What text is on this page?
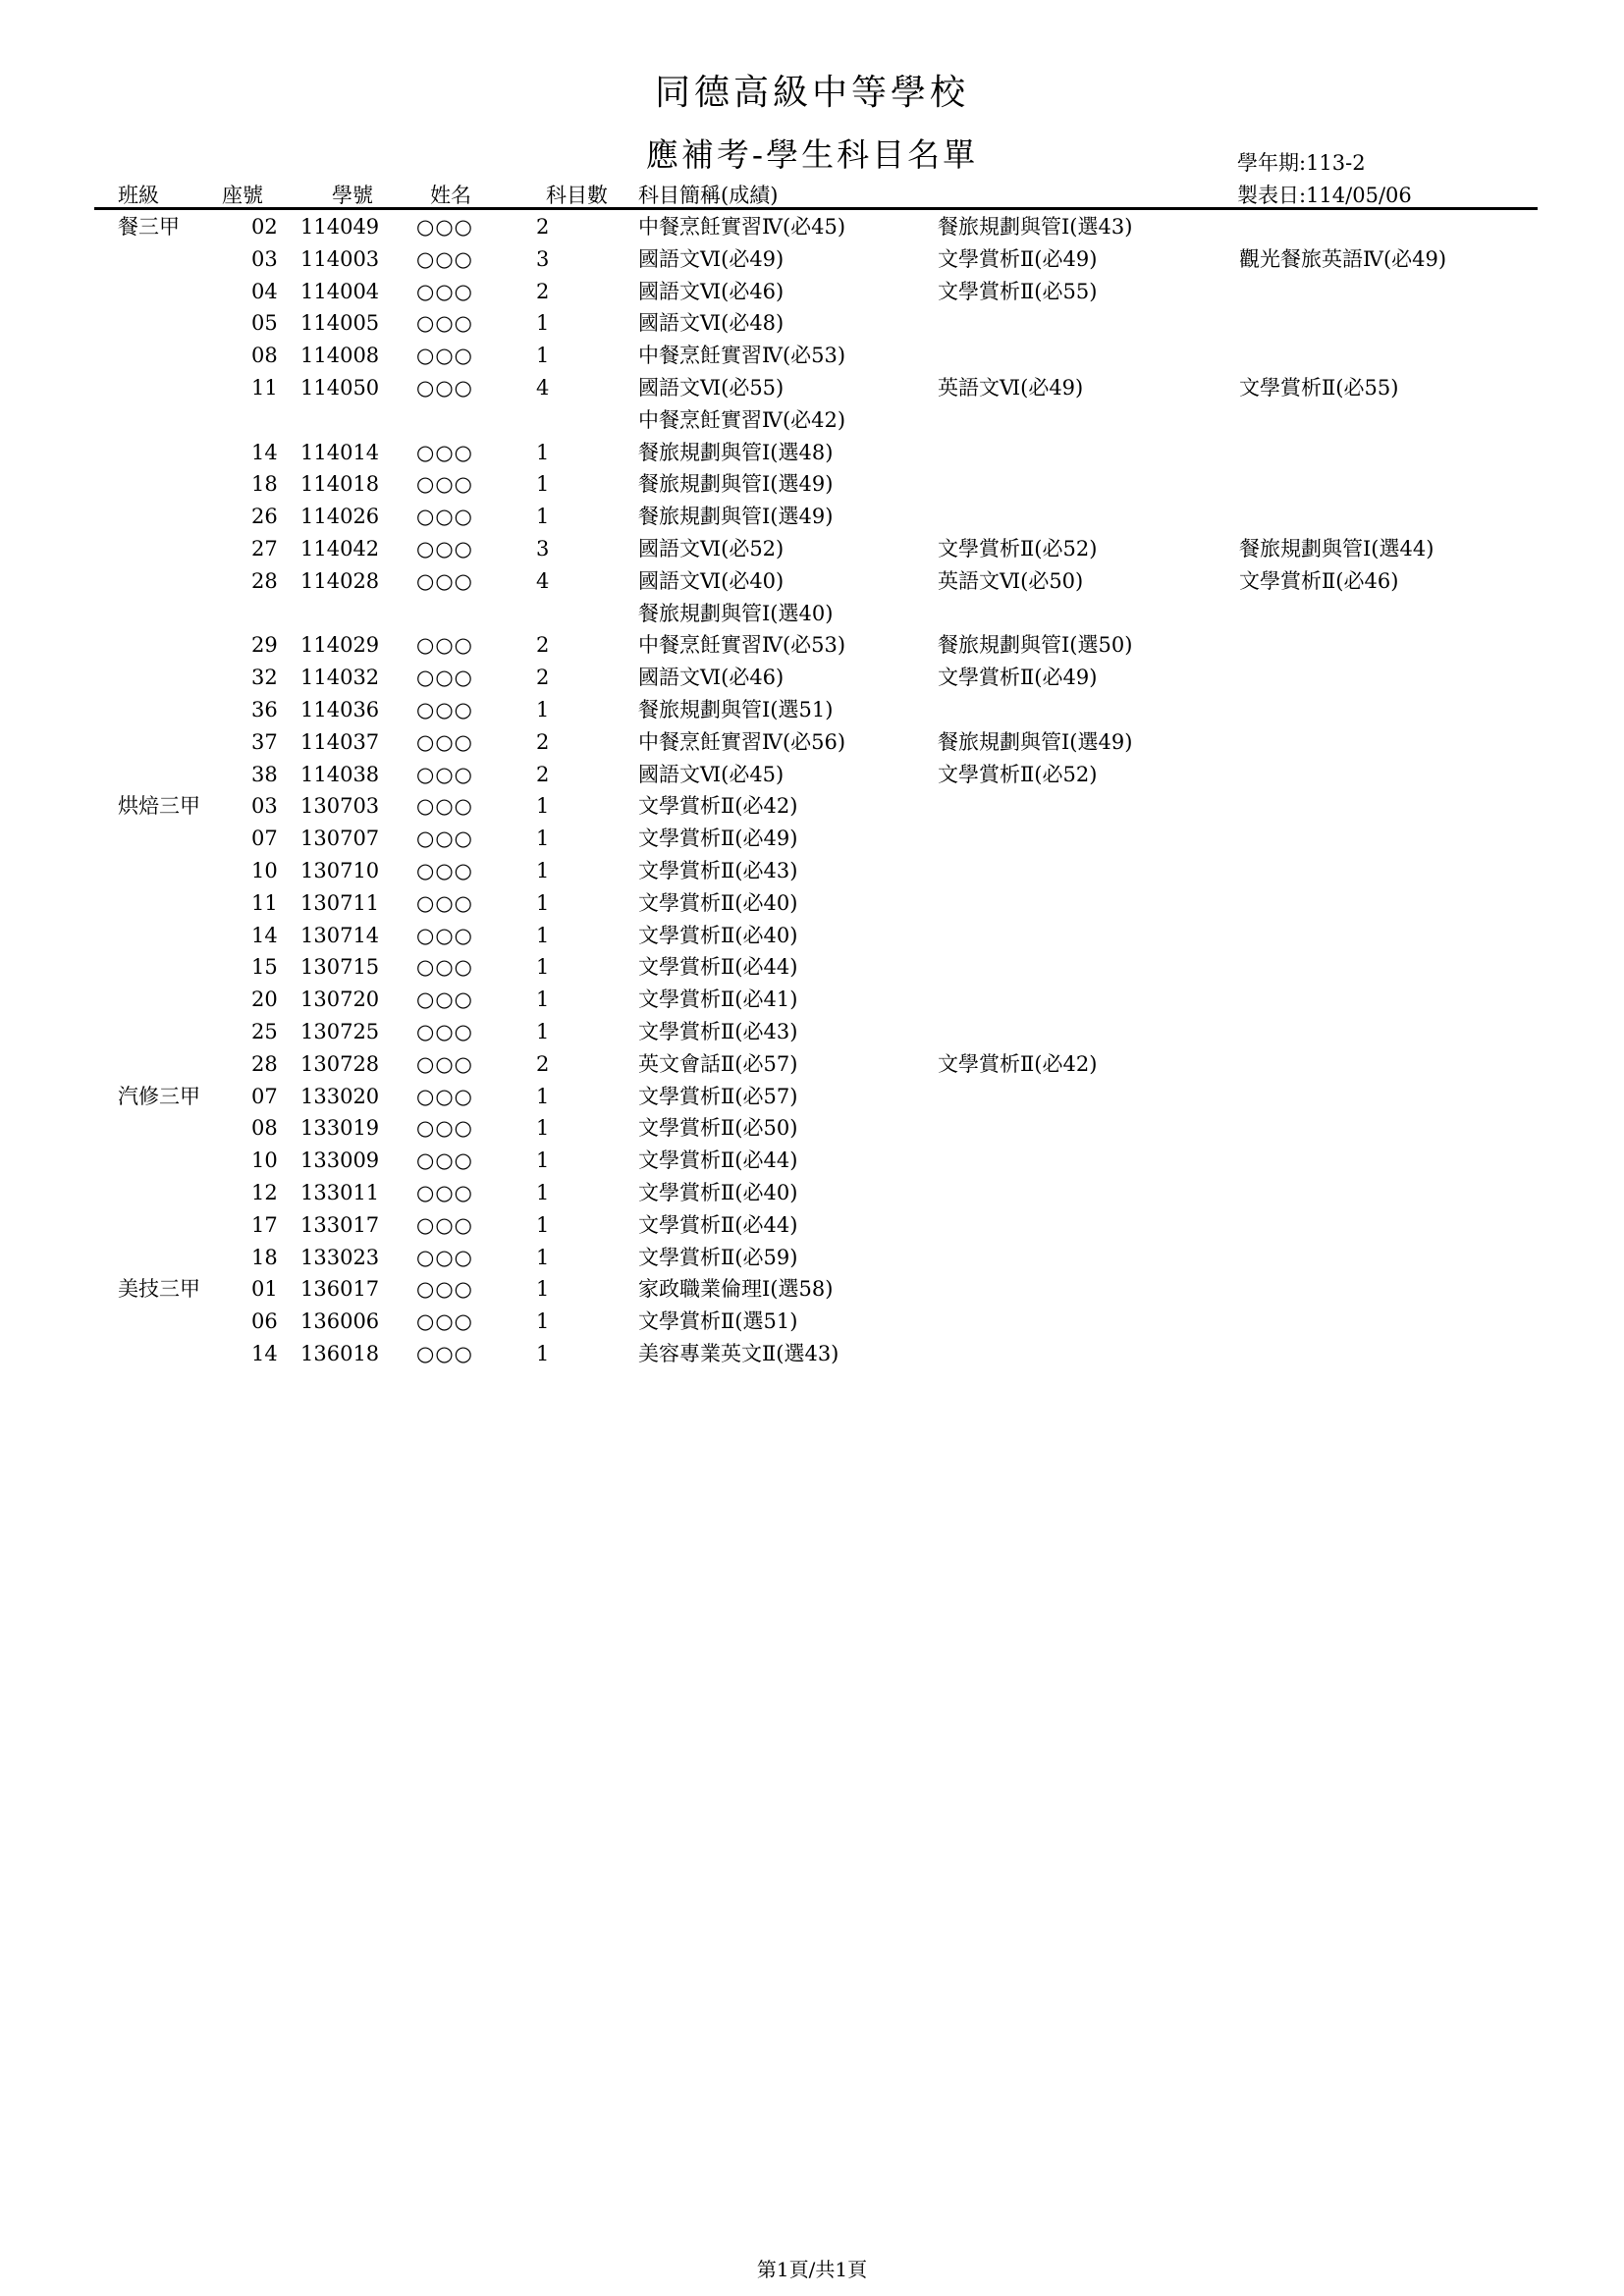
同德高級中等學校
應補考-學生科目名單	學年期:113-2
製表日:114/05/06
班級	座號	學號	姓名	科目數 科目簡稱(成績)
餐三甲	02 114049 ○○○	2	中餐烹飪實習Ⅳ(必45)	餐旅規劃與管Ⅰ(選43)
03 114003 ○○○	3	國語文Ⅵ(必49)	文學賞析Ⅱ(必49)	觀光餐旅英語Ⅳ(必49)
04 114004 ○○○	2	國語文Ⅵ(必46)	文學賞析Ⅱ(必55)
05 114005 ○○○	1	國語文Ⅵ(必48)
08 114008 ○○○	1	中餐烹飪實習Ⅳ(必53)
11 114050 ○○○	4	國語文Ⅵ(必55)	英語文Ⅵ(必49)	文學賞析Ⅱ(必55)
中餐烹飪實習Ⅳ(必42)
14 114014 ○○○	1	餐旅規劃與管Ⅰ(選48)
18 114018 ○○○	1	餐旅規劃與管Ⅰ(選49)
26 114026 ○○○	1	餐旅規劃與管Ⅰ(選49)
27 114042 ○○○	3	國語文Ⅵ(必52)	文學賞析Ⅱ(必52)	餐旅規劃與管Ⅰ(選44)
28 114028 ○○○	4	國語文Ⅵ(必40)	英語文Ⅵ(必50)	文學賞析Ⅱ(必46)
餐旅規劃與管Ⅰ(選40)
29 114029 ○○○	2	中餐烹飪實習Ⅳ(必53)	餐旅規劃與管Ⅰ(選50)
32 114032 ○○○	2	國語文Ⅵ(必46)	文學賞析Ⅱ(必49)
36 114036 ○○○	1	餐旅規劃與管Ⅰ(選51)
37 114037 ○○○	2	中餐烹飪實習Ⅳ(必56)	餐旅規劃與管Ⅰ(選49)
38 114038 ○○○	2	國語文Ⅵ(必45)	文學賞析Ⅱ(必52)
烘焙三甲 03 130703 ○○○	1	文學賞析Ⅱ(必42)
07 130707 ○○○	1	文學賞析Ⅱ(必49)
10 130710 ○○○	1	文學賞析Ⅱ(必43)
11 130711 ○○○	1	文學賞析Ⅱ(必40)
14 130714 ○○○	1	文學賞析Ⅱ(必40)
15 130715 ○○○	1	文學賞析Ⅱ(必44)
20 130720 ○○○	1	文學賞析Ⅱ(必41)
25 130725 ○○○	1	文學賞析Ⅱ(必43)
28 130728 ○○○	2	英文會話Ⅱ(必57)	文學賞析Ⅱ(必42)
汽修三甲 07 133020 ○○○	1	文學賞析Ⅱ(必57)
08 133019 ○○○	1	文學賞析Ⅱ(必50)
10 133009 ○○○	1	文學賞析Ⅱ(必44)
12 133011 ○○○	1	文學賞析Ⅱ(必40)
17 133017 ○○○	1	文學賞析Ⅱ(必44)
18 133023 ○○○	1	文學賞析Ⅱ(必59)
美技三甲 01 136017 ○○○	1	家政職業倫理Ⅰ(選58)
06 136006 ○○○	1	文學賞析Ⅱ(選51)
14 136018 ○○○	1	美容專業英文Ⅱ(選43)
第1頁/共1頁
